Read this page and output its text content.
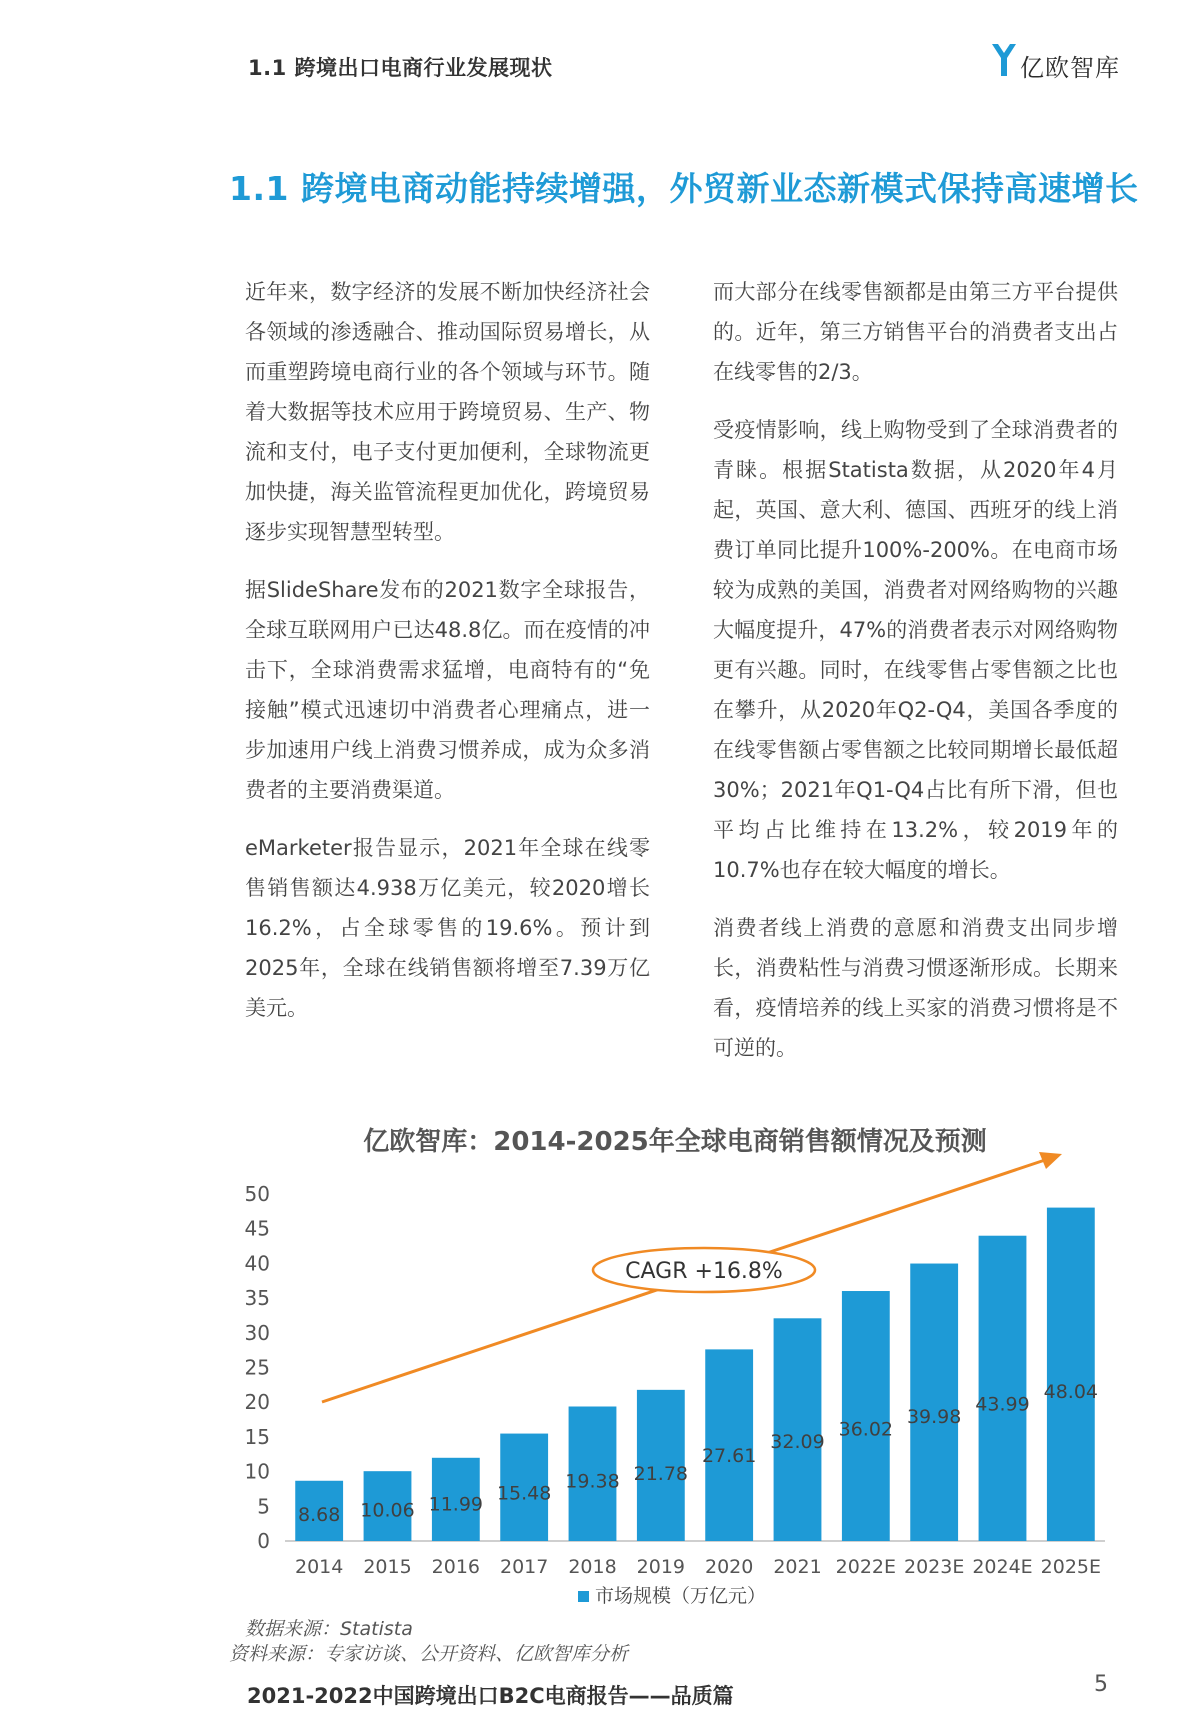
1.1 跨境出口电商行业发展现状	亿欧智库
1.1 跨境电商动能持续增强，外贸新业态新模式保持高速增长

近年来，数字经济的发展不断加快经济社会各领域的渗透融合、推动国际贸易增长，从而重塑跨境电商行业的各个领域与环节。随着大数据等技术应用于跨境贸易、生产、物流和支付，电子支付更加便利，全球物流更加快捷，海关监管流程更加优化，跨境贸易逐步实现智慧型转型。

据SlideShare发布的2021数字全球报告，全球互联网用户已达48.8亿。而在疫情的冲击下，全球消费需求猛增，电商特有的“免接触”模式迅速切中消费者心理痛点，进一步加速用户线上消费习惯养成，成为众多消费者的主要消费渠道。

eMarketer报告显示，2021年全球在线零售销售额达4.938万亿美元，较2020增长16.2%，占全球零售的19.6%。预计到2025年，全球在线销售额将增至7.39万亿美元。

而大部分在线零售额都是由第三方平台提供的。近年，第三方销售平台的消费者支出占在线零售的2/3。

受疫情影响，线上购物受到了全球消费者的青睐。根据Statista数据，从2020年4月起，英国、意大利、德国、西班牙的线上消费订单同比提升100%-200%。在电商市场较为成熟的美国，消费者对网络购物的兴趣大幅度提升，47%的消费者表示对网络购物更有兴趣。同时，在线零售占零售额之比也在攀升，从2020年Q2-Q4，美国各季度的在线零售额占零售额之比较同期增长最低超30%；2021年Q1-Q4占比有所下滑，但也平均占比维持在13.2%，较2019年的10.7%也存在较大幅度的增长。

消费者线上消费的意愿和消费支出同步增长，消费粘性与消费习惯逐渐形成。长期来看，疫情培养的线上买家的消费习惯将是不可逆的。

亿欧智库：2014-2025年全球电商销售额情况及预测
0
5
10
15
20
25
30
35
40
45
50
CAGR +16.8%
2014
8.68
2015
10.06
2016
11.99
2017
15.48
2018
19.38
2019
21.78
2020
27.61
2021
32.09
2022E
36.02
2023E
39.98
2024E
43.99
2025E
48.04
市场规模（万亿元）
数据来源：Statista
资料来源：专家访谈、公开资料、亿欧智库分析
2021-2022中国跨境出口B2C电商报告——品质篇	5
